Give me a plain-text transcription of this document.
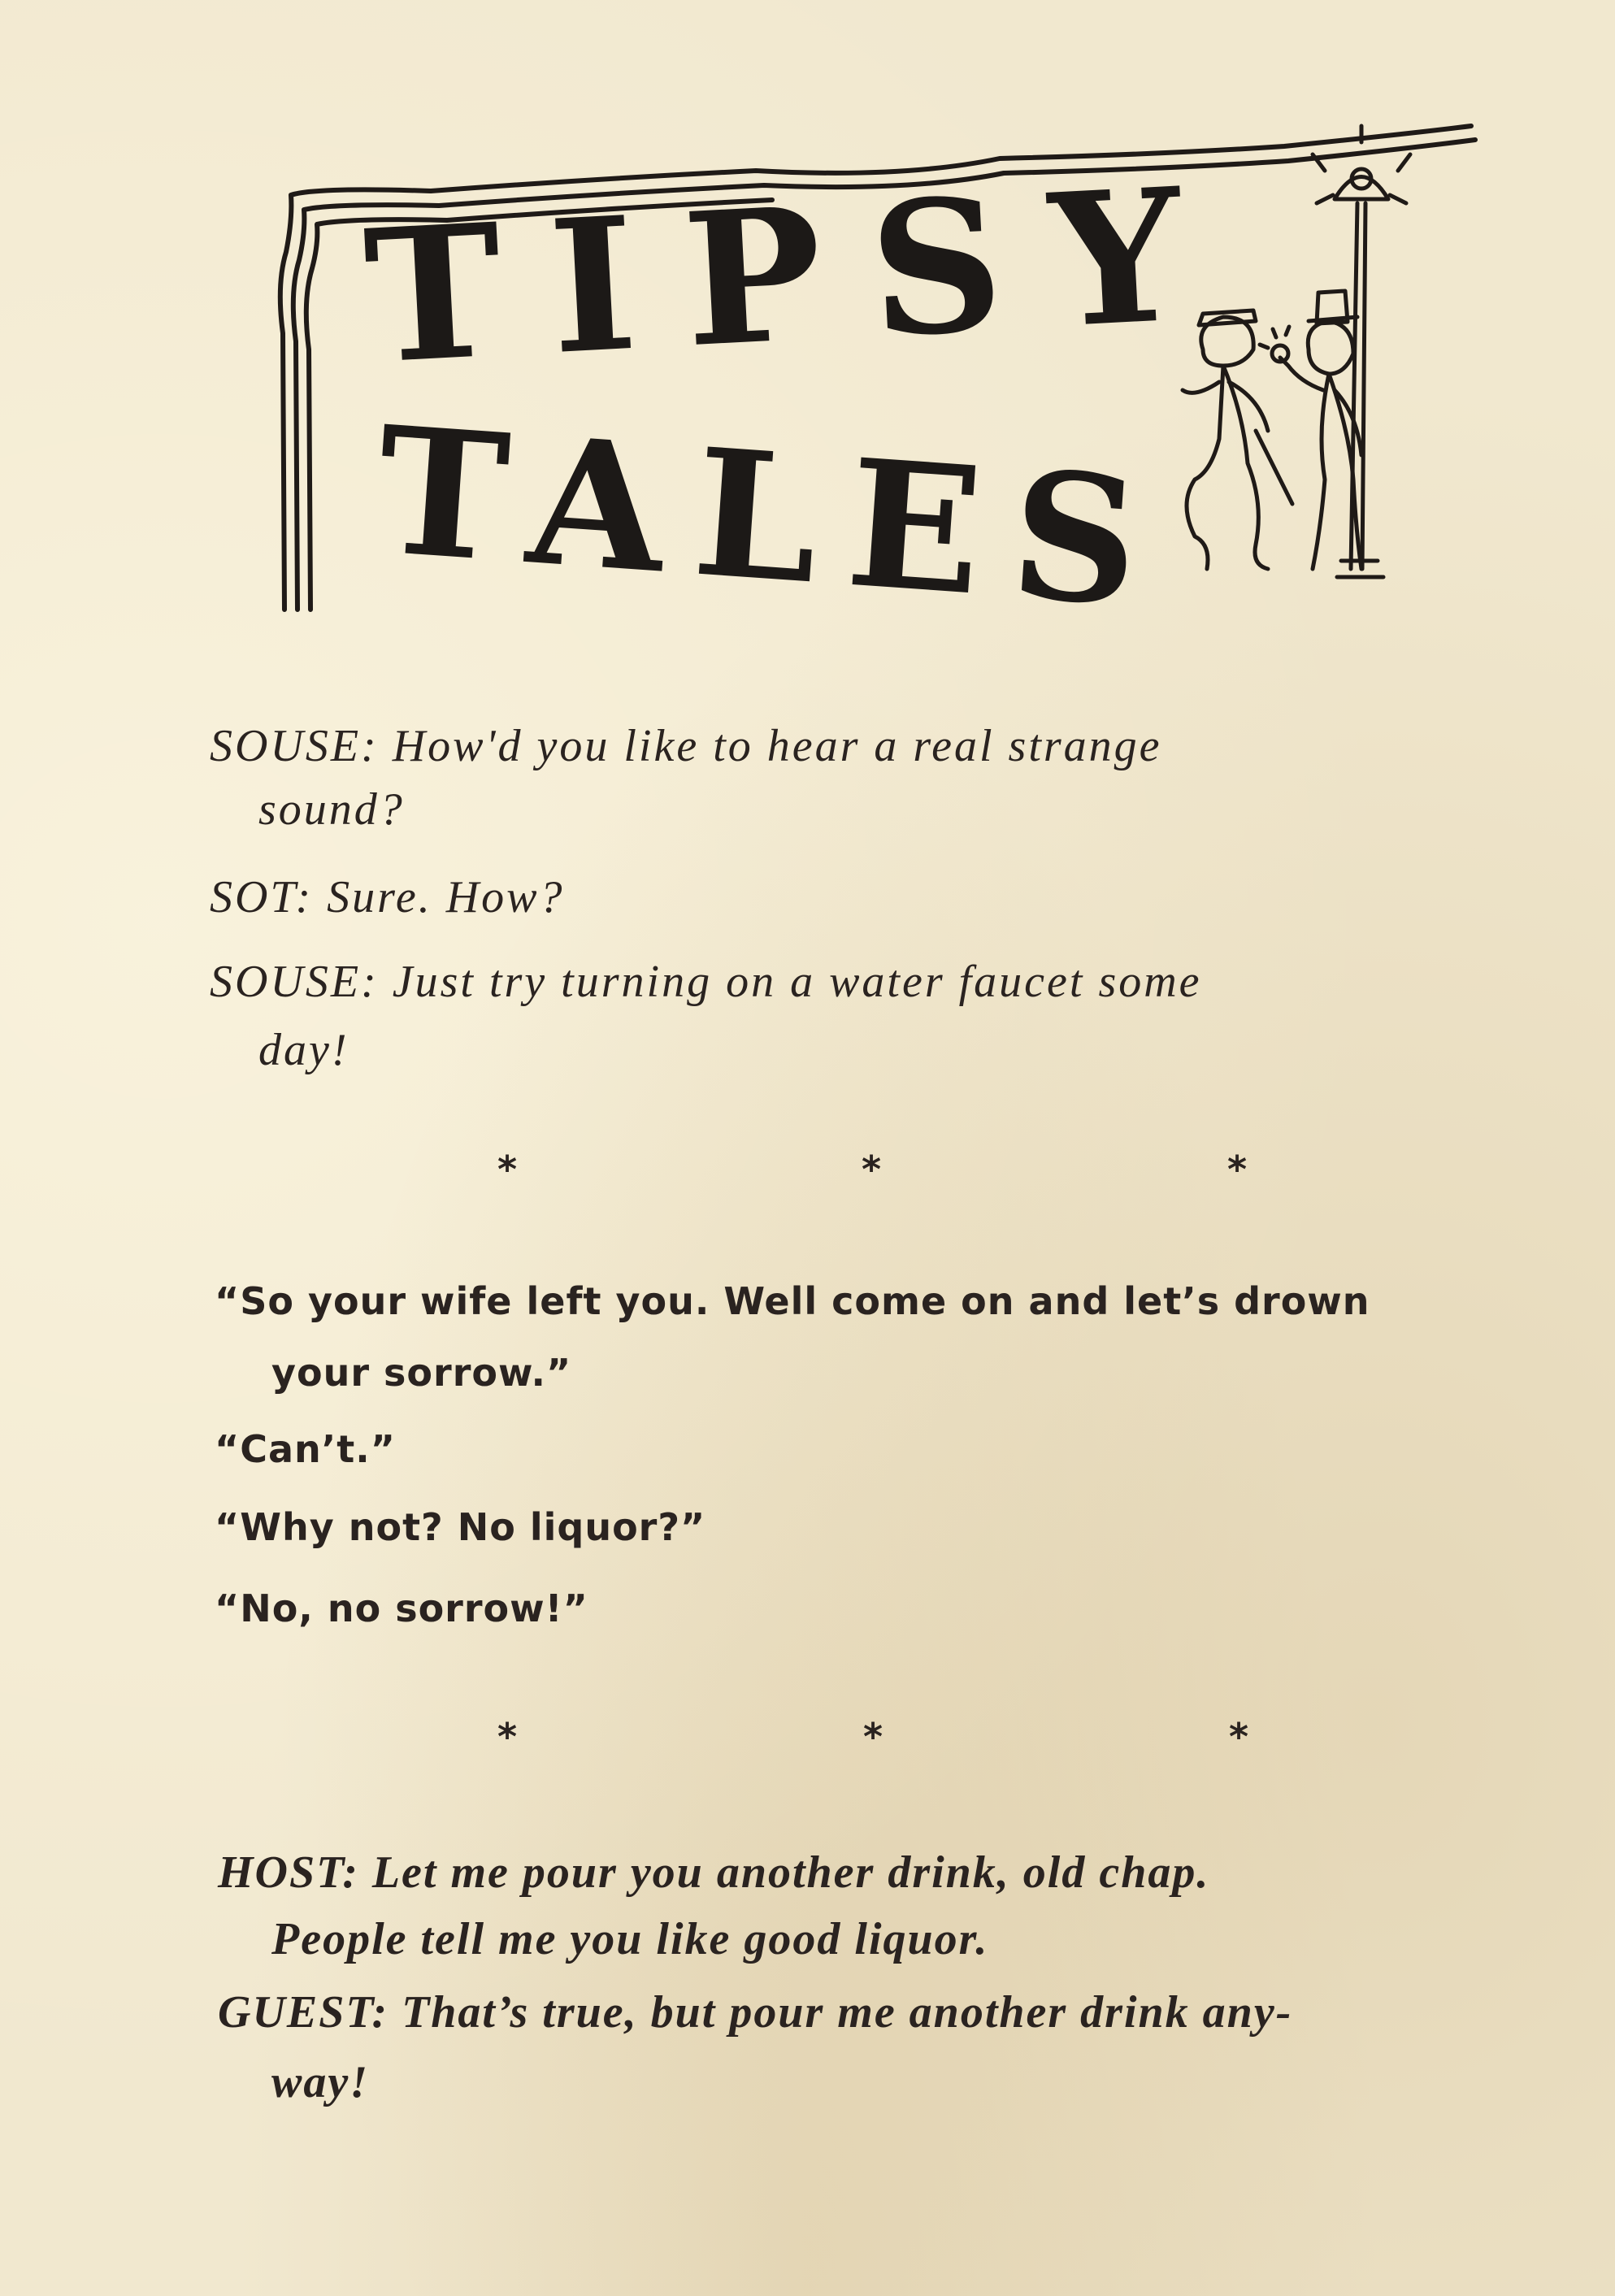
TIPSY

TALES

SOUSE: How'd you like to hear a real strange

sound?

SOT: Sure. How?

SOUSE: Just try turning on a water faucet some

day!

*	*	*

“So your wife left you. Well come on and let’s drown

your sorrow.”

“Can’t.”

“Why not? No liquor?”

“No, no sorrow!”

*	*	*

HOST: Let me pour you another drink, old chap.

People tell me you like good liquor.

GUEST: That’s true, but pour me another drink any-

way!
